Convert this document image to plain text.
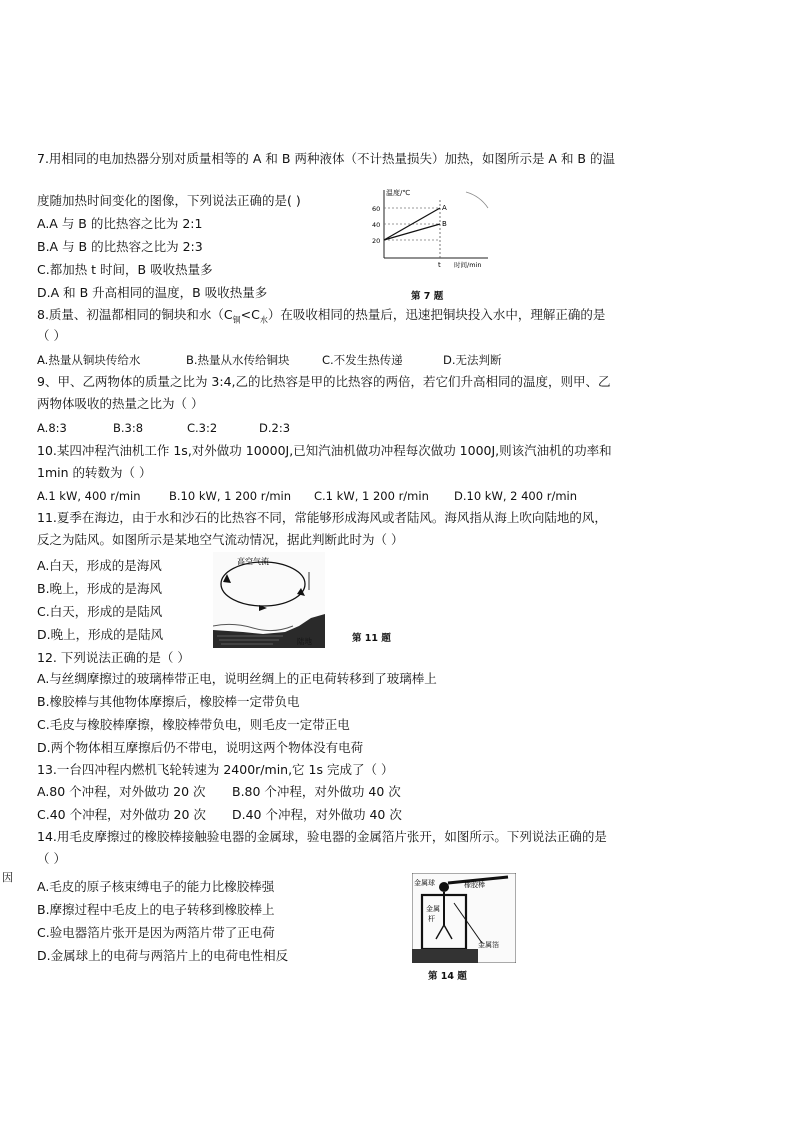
7.用相同的电加热器分别对质量相等的 A 和 B 两种液体（不计热量损失）加热，如图所示是 A 和 B 的温
度随加热时间变化的图像，下列说法正确的是( )
A.A 与 B 的比热容之比为 2:1
B.A 与 B 的比热容之比为 2:3
C.都加热 t 时间，B 吸收热量多
D.A 和 B 升高相同的温度，B 吸收热量多
温度/℃
60
40
20
A
B
t 时间/min
第 7 题
8.质量、初温都相同的铜块和水$(C_铜<C_水)$在吸收相同的热量后，迅速把铜块投入水中，理解正确的是
（ ）
A.热量从铜块传给水	B.热量从水传给铜块	C.不发生热传递	D.无法判断
9、甲、乙两物体的质量之比为 3:4,乙的比热容是甲的比热容的两倍，若它们升高相同的温度，则甲、乙
两物体吸收的热量之比为（ ）
A.8:3	B.3:8	C.3:2	D.2:3
10.某四冲程汽油机工作 1s,对外做功 10000J,已知汽油机做功冲程每次做功 1000J,则该汽油机的功率和
1min 的转数为（ ）
A.1 kW, 400 r/min B.10 kW, 1 200 r/min C.1 kW, 1 200 r/min D.10 kW, 2 400 r/min
11.夏季在海边，由于水和沙石的比热容不同，常能够形成海风或者陆风。海风指从海上吹向陆地的风，
反之为陆风。如图所示是某地空气流动情况，据此判断此时为（ ）
A.白天，形成的是海风
B.晚上，形成的是海风
C.白天，形成的是陆风
D.晚上，形成的是陆风
高空气流
陆地	第 11 题
12. 下列说法正确的是（ ）
A.与丝绸摩擦过的玻璃棒带正电，说明丝绸上的正电荷转移到了玻璃棒上
B.橡胶棒与其他物体摩擦后，橡胶棒一定带负电
C.毛皮与橡胶棒摩擦，橡胶棒带负电，则毛皮一定带正电
D.两个物体相互摩擦后仍不带电，说明这两个物体没有电荷
13.一台四冲程内燃机飞轮转速为 2400r/min,它 1s 完成了（ ）
A.80 个冲程，对外做功 20 次 B.80 个冲程，对外做功 40 次
C.40 个冲程，对外做功 20 次 D.40 个冲程，对外做功 40 次
14.用毛皮摩擦过的橡胶棒接触验电器的金属球，验电器的金属箔片张开，如图所示。下列说法正确的是
（ ）
A.毛皮的原子核束缚电子的能力比橡胶棒强
B.摩擦过程中毛皮上的电子转移到橡胶棒上
C.验电器箔片张开是因为两箔片带了正电荷
D.金属球上的电荷与两箔片上的电荷电性相反
金属球	橡胶棒
金属
杆
金属箔
第 14 题
因
